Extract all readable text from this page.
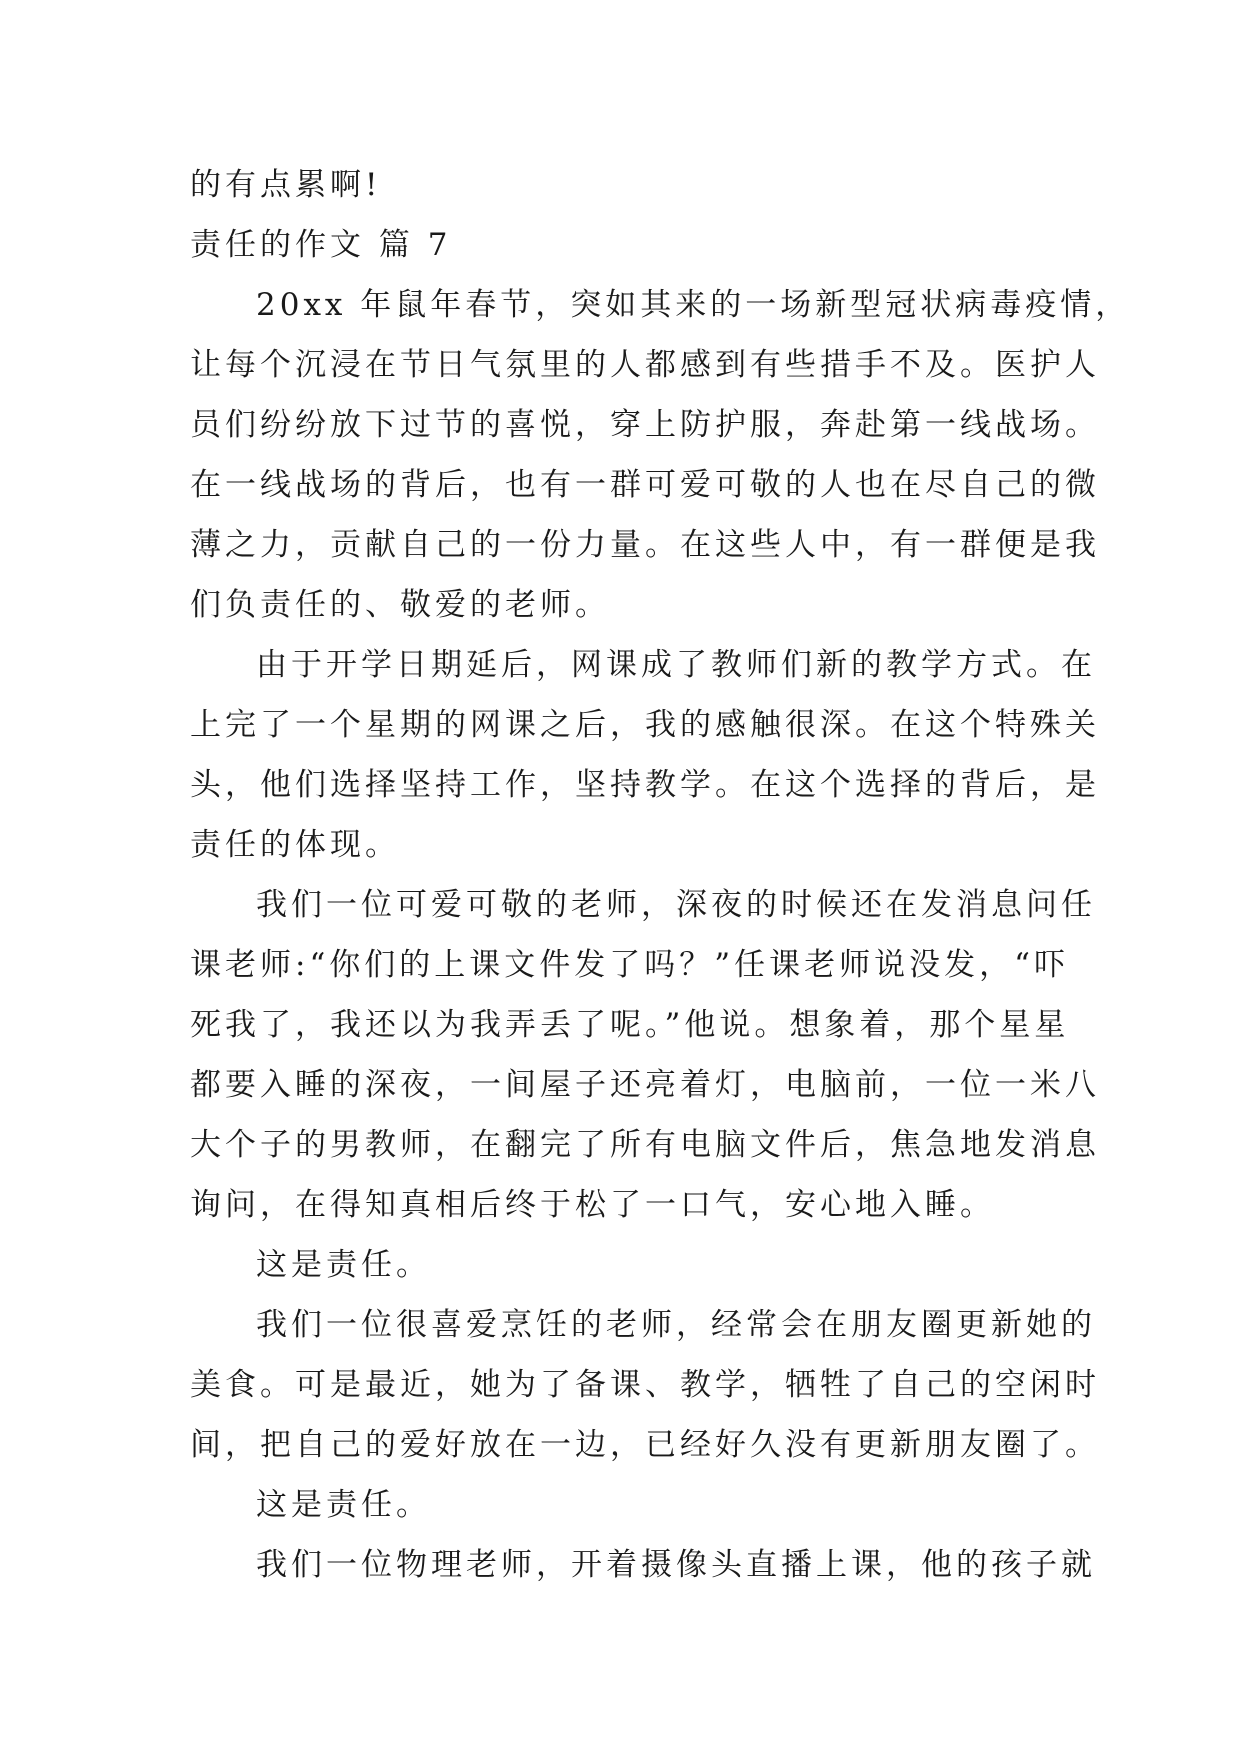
的有点累啊!
责任的作文 篇 7
20xx 年鼠年春节，突如其来的一场新型冠状病毒疫情，
让每个沉浸在节日气氛里的人都感到有些措手不及。医护人
员们纷纷放下过节的喜悦，穿上防护服，奔赴第一线战场。
在一线战场的背后，也有一群可爱可敬的人也在尽自己的微
薄之力，贡献自己的一份力量。在这些人中，有一群便是我
们负责任的、敬爱的老师。
由于开学日期延后，网课成了教师们新的教学方式。在
上完了一个星期的网课之后，我的感触很深。在这个特殊关
头，他们选择坚持工作，坚持教学。在这个选择的背后，是
责任的体现。
我们一位可爱可敬的老师，深夜的时候还在发消息问任
课老师:“你们的上课文件发了吗？”任课老师说没发，“吓
死我了，我还以为我弄丢了呢。”他说。想象着，那个星星
都要入睡的深夜，一间屋子还亮着灯，电脑前，一位一米八
大个子的男教师，在翻完了所有电脑文件后，焦急地发消息
询问，在得知真相后终于松了一口气，安心地入睡。
这是责任。
我们一位很喜爱烹饪的老师，经常会在朋友圈更新她的
美食。可是最近，她为了备课、教学，牺牲了自己的空闲时
间，把自己的爱好放在一边，已经好久没有更新朋友圈了。
这是责任。
我们一位物理老师，开着摄像头直播上课，他的孩子就
